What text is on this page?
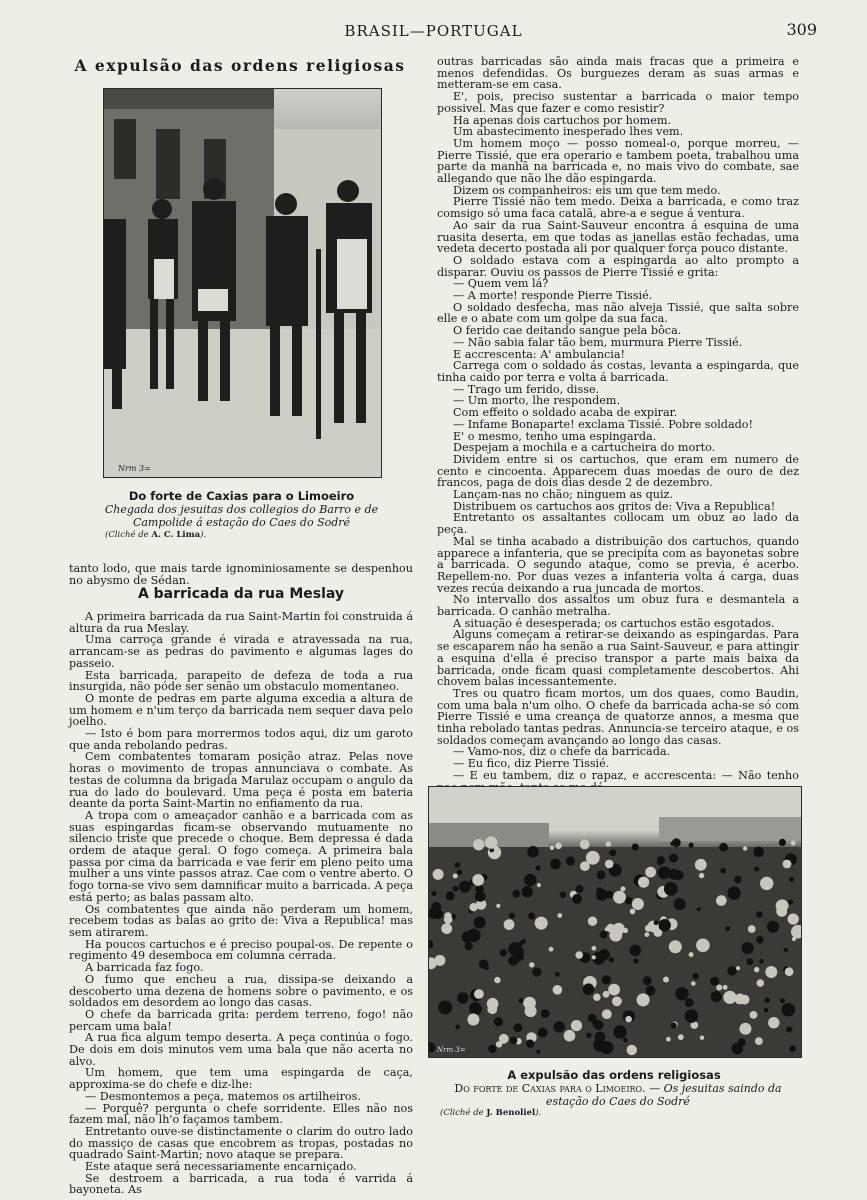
BRASIL—PORTUGAL	309
A expulsão das ordens religiosas
Nrm 3=
Do forte de Caxias para o Limoeiro
Chegada dos jesuitas dos collegios do Barro e de Campolide á estação do Caes do Sodré
(Cliché de A. C. Lima).

tanto lodo, que mais tarde ignominiosamente se despenhou no abysmo de Sédan.

A barricada da rua Meslay

A primeira barricada da rua Saint-Martin foi construida á altura da rua Meslay.

Uma carroça grande é virada e atravessada na rua, arrancam-se as pedras do pavimento e algumas lages do passeio.

Esta barricada, parapeito de defeza de toda a rua insurgida, não póde ser senão um obstaculo momentaneo.

O monte de pedras em parte alguma excedia a altura de um homem e n'um terço da barricada nem sequer dava pelo joelho.

— Isto é bom para morrermos todos aqui, diz um garoto que anda rebolando pedras.

Cem combatentes tomaram posição atraz. Pelas nove horas o movimento de tropas annunciava o combate. As testas de columna da brigada Marulaz occupam o angulo da rua do lado do boulevard. Uma peça é posta em bateria deante da porta Saint-Martin no enfiamento da rua.

A tropa com o ameaçador canhão e a barricada com as suas espingardas ficam-se observando mutuamente no silencio triste que precede o choque. Bem depressa é dada ordem de ataque geral. O fogo começa. A primeira bala passa por cima da barricada e vae ferir em pleno peito uma mulher a uns vinte passos atraz. Cae com o ventre aberto. O fogo torna-se vivo sem damnificar muito a barricada. A peça está perto; as balas passam alto.

Os combatentes que ainda não perderam um homem, recebem todas as balas ao grito de: Viva a Republica! mas sem atirarem.

Ha poucos cartuchos e é preciso poupal-os. De repente o regimento 49 desemboca em columna cerrada.

A barricada faz fogo.

O fumo que encheu a rua, dissipa-se deixando a descoberto uma dezena de homens sobre o pavimento, e os soldados em desordem ao longo das casas.

O chefe da barricada grita: perdem terreno, fogo! não percam uma bala!

A rua fica algum tempo deserta. A peça continúa o fogo. De dois em dois minutos vem uma bala que não acerta no alvo.

Um homem, que tem uma espingarda de caça, approxima-se do chefe e diz-lhe:

— Desmontemos a peça, matemos os artilheiros.

— Porquê? pergunta o chefe sorridente. Elles não nos fazem mal, não lh'o façamos tambem.

Entretanto ouve-se distinctamente o clarim do outro lado do massiço de casas que encobrem as tropas, postadas no quadrado Saint-Martin; novo ataque se prepara.

Este ataque será necessariamente encarniçado.

Se destroem a barricada, a rua toda é varrida á bayoneta. As

outras barricadas são ainda mais fracas que a primeira e menos defendidas. Os burguezes deram as suas armas e metteram-se em casa.

E', pois, preciso sustentar a barricada o maior tempo possivel. Mas que fazer e como resistir?

Ha apenas dois cartuchos por homem.

Um abastecimento inesperado lhes vem.

Um homem moço — posso nomeal-o, porque morreu, — Pierre Tissié, que era operario e tambem poeta, trabalhou uma parte da manhã na barricada e, no mais vivo do combate, sae allegando que não lhe dão espingarda.

Dizem os companheiros: eis um que tem medo.

Pierre Tissié não tem medo. Deixa a barricada, e como traz comsigo só uma faca catalã, abre-a e segue á ventura.

Ao sair da rua Saint-Sauveur encontra á esquina de uma ruasita deserta, em que todas as janellas estão fechadas, uma vedeta decerto postada ali por qualquer força pouco distante.

O soldado estava com a espingarda ao alto prompto a disparar. Ouviu os passos de Pierre Tissié e grita:

— Quem vem lá?

— A morte! responde Pierre Tissié.

O soldado desfecha, mas não alveja Tissié, que salta sobre elle e o abate com um golpe da sua faca.

O ferido cae deitando sangue pela bôca.

— Não sabia falar tão bem, murmura Pierre Tissié.

E accrescenta: A' ambulancia!

Carrega com o soldado ás costas, levanta a espingarda, que tinha caido por terra e volta á barricada.

— Trago um ferido, disse.

— Um morto, lhe respondem.

Com effeito o soldado acaba de expirar.

— Infame Bonaparte! exclama Tissié. Pobre soldado!

E' o mesmo, tenho uma espingarda.

Despejam a mochila e a cartucheira do morto.

Dividem entre si os cartuchos, que eram em numero de cento e cincoenta. Apparecem duas moedas de ouro de dez francos, paga de dois dias desde 2 de dezembro.

Lançam-nas no chão; ninguem as quiz.

Distribuem os cartuchos aos gritos de: Viva a Republica!

Entretanto os assaltantes collocam um obuz ao lado da peça.

Mal se tinha acabado a distribuição dos cartuchos, quando apparece a infanteria, que se precipita com as bayonetas sobre a barricada. O segundo ataque, como se previa, é acerbo. Repellem-no. Por duas vezes a infanteria volta á carga, duas vezes recúa deixando a rua juncada de mortos.

No intervallo dos assaltos um obuz fura e desmantela a barricada. O canhão metralha.

A situação é desesperada; os cartuchos estão esgotados.

Alguns começam a retirar-se deixando as espingardas. Para se escaparem não ha senão a rua Saint-Sauveur, e para attingir a esquina d'ella é preciso transpor a parte mais baixa da barricada, onde ficam quasi completamente descobertos. Ahi chovem balas incessantemente.

Tres ou quatro ficam mortos, um dos quaes, como Baudin, com uma bala n'um olho. O chefe da barricada acha-se só com Pierre Tissié e uma creança de quatorze annos, a mesma que tinha rebolado tantas pedras. Annuncia-se terceiro ataque, e os soldados começam avançando ao longo das casas.

— Vamo-nos, diz o chefe da barricada.

— Eu fico, diz Pierre Tissié.

— E eu tambem, diz o rapaz, e accrescenta: — Não tenho

Nrm 3=
A expulsão das ordens religiosas
Do forte de Caxias para o Limoeiro. — Os jesuitas saindo da estação do Caes do Sodré
(Cliché de J. Benoliel).
